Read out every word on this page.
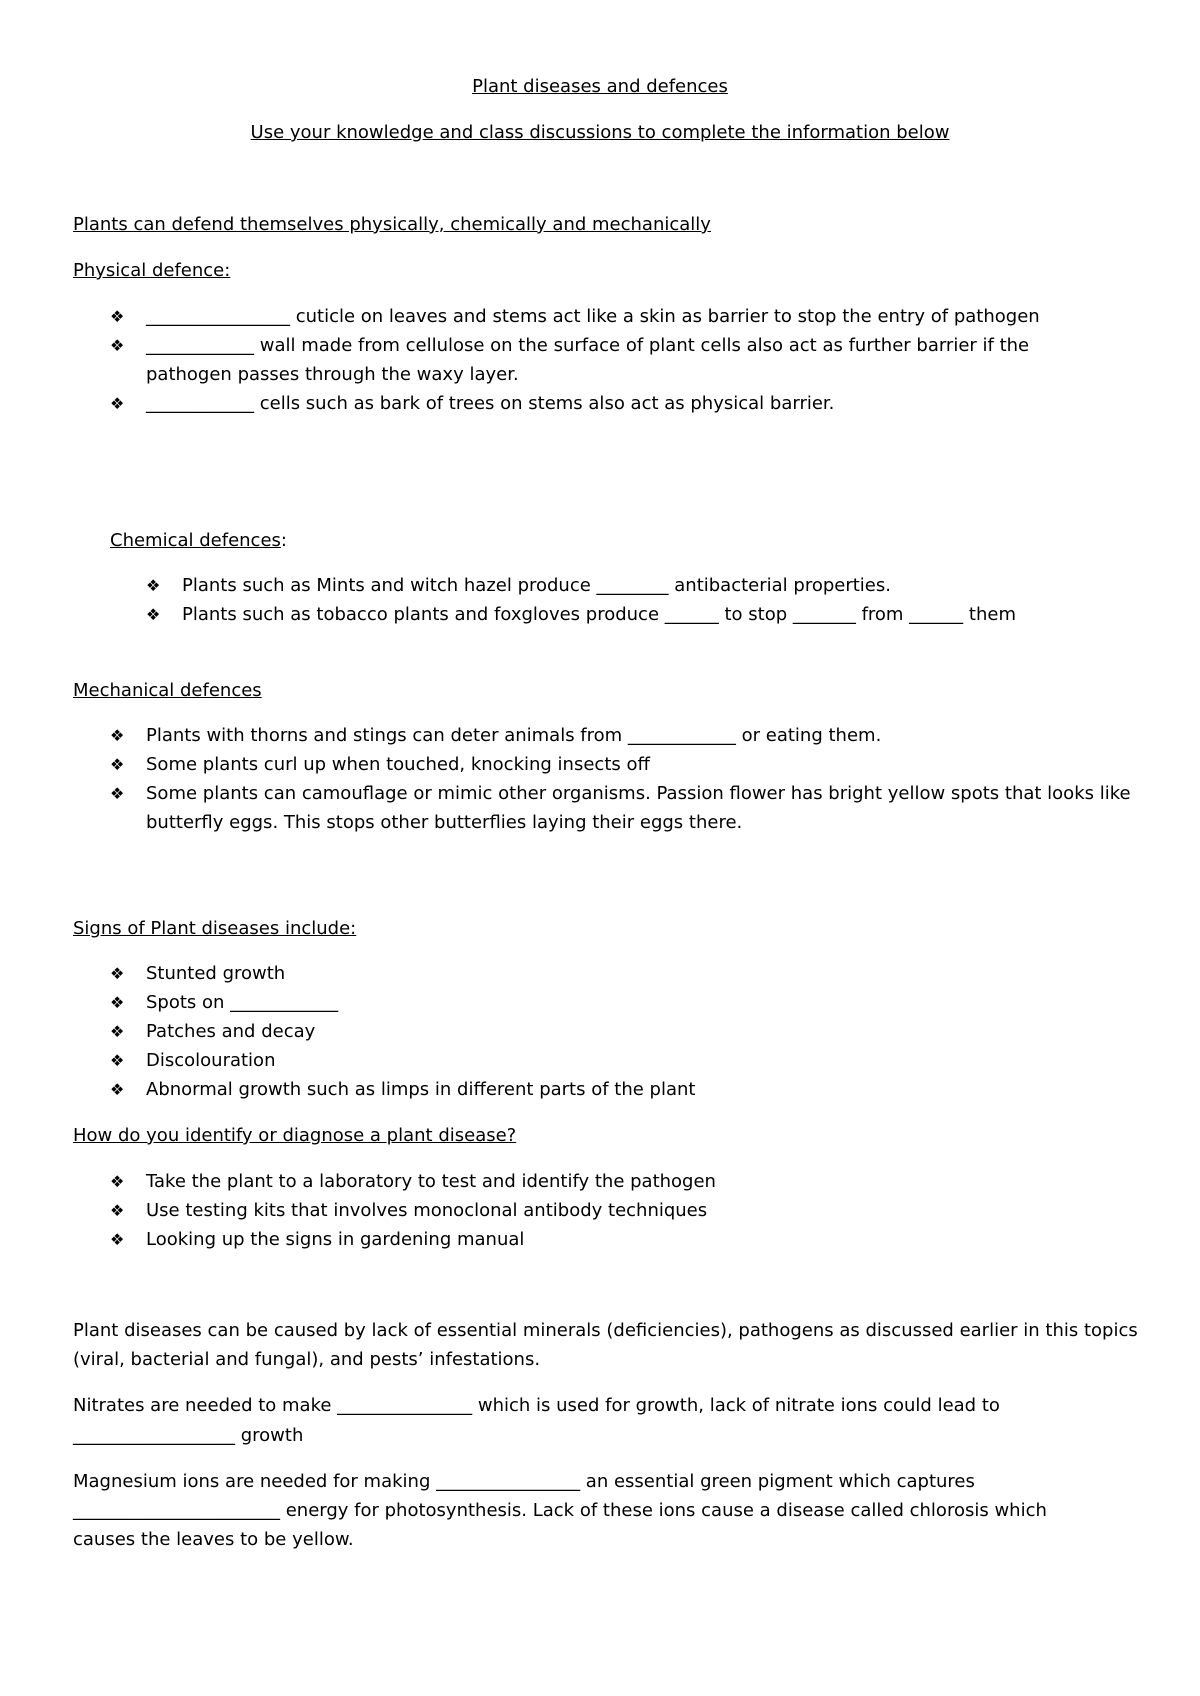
Plant diseases and defences
Use your knowledge and class discussions to complete the information below
Plants can defend themselves physically, chemically and mechanically
Physical defence:
❖ ________________ cuticle on leaves and stems act like a skin as barrier to stop the entry of pathogen
❖ ____________ wall made from cellulose on the surface of plant cells also act as further barrier if the
pathogen passes through the waxy layer.
❖ ____________ cells such as bark of trees on stems also act as physical barrier.
Chemical defences:
❖ Plants such as Mints and witch hazel produce ________ antibacterial properties.
❖ Plants such as tobacco plants and foxgloves produce ______ to stop _______ from ______ them
Mechanical defences
❖ Plants with thorns and stings can deter animals from ____________ or eating them.
❖ Some plants curl up when touched, knocking insects off
❖ Some plants can camouflage or mimic other organisms. Passion flower has bright yellow spots that looks like
butterfly eggs. This stops other butterflies laying their eggs there.
Signs of Plant diseases include:
❖ Stunted growth
❖ Spots on ____________
❖ Patches and decay
❖ Discolouration
❖ Abnormal growth such as limps in different parts of the plant
How do you identify or diagnose a plant disease?
❖ Take the plant to a laboratory to test and identify the pathogen
❖ Use testing kits that involves monoclonal antibody techniques
❖ Looking up the signs in gardening manual
Plant diseases can be caused by lack of essential minerals (deficiencies), pathogens as discussed earlier in this topics
(viral, bacterial and fungal), and pests’ infestations.
Nitrates are needed to make _______________ which is used for growth, lack of nitrate ions could lead to
__________________ growth
Magnesium ions are needed for making ________________ an essential green pigment which captures
_______________________ energy for photosynthesis. Lack of these ions cause a disease called chlorosis which
causes the leaves to be yellow.
